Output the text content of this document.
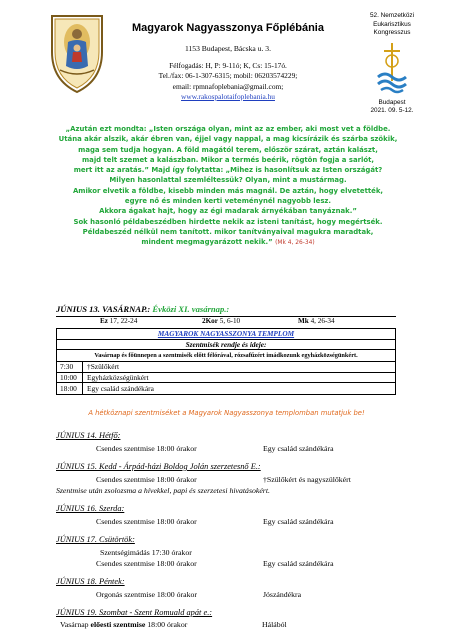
Magyarok Nagyasszonya Főplébánia
1153 Budapest, Bácska u. 3.
Félfogadás: H, P: 9-11ó; K, Cs: 15-17ó.
Tel./fax: 06-1-307-6315; mobil: 06203574229;
email: rpmnafoplebania@gmail.com;
www.rakospalotaifoplebania.hu
52. Nemzetközi
Eukarisztikus
Kongresszus
Budapest
2021. 09. 5-12.
„Azután ezt mondta: „Isten országa olyan, mint az az ember, aki most vet a földbe.
Utána akár alszik, akár ébren van, éjjel vagy nappal, a mag kicsírázik és szárba szökik,
maga sem tudja hogyan. A föld magától terem, először szárat, aztán kalászt,
majd telt szemet a kalászban. Mikor a termés beérik, rögtön fogja a sarlót,
mert itt az aratás.” Majd így folytatta: „Mihez is hasonlítsuk az Isten országát?
Milyen hasonlattal szemléltessük? Olyan, mint a mustármag.
Amikor elvetik a földbe, kisebb minden más magnál. De aztán, hogy elvetették,
egyre nő és minden kerti veteménynél nagyobb lesz.
Akkora ágakat hajt, hogy az égi madarak árnyékában tanyáznak.”
Sok hasonló példabeszédben hirdette nekik az isteni tanítást, hogy megértsék.
Példabeszéd nélkül nem tanított. mikor tanítványaival magukra maradtak,
mindent megmagyarázott nekik.” (Mk 4, 26-34)
JÚNIUS 13. VASÁRNAP.: Évközi XI. vasárnap.:
Ez 17, 22-24	2Kor 5, 6-10	Mk 4, 26-34
MAGYAROK NAGYASSZONYA TEMPLOM
Szentmisék rendje és ideje:
Vasárnap és főünnepen a szentmisék előtt félórával, rózsafűzért imádkozunk egyházközségünkért.
7:30	†Szülőkért
10:00	Egyházközségünkért
18:00	Egy család szándékára
A hétköznapi szentmiséket a Magyarok Nagyasszonya templomban mutatjuk be!
JÚNIUS 14. Hétfő:
Csendes szentmise 18:00 órakor	Egy család szándékára
JÚNIUS 15. Kedd - Árpád-házi Boldog Jolán szerzetesnő E.:
Csendes szentmise 18:00 órakor	†Szülőkért és nagyszülőkért
Szentmise után zsolozsma a hívekkel, papi és szerzetesi hivatásokért.
JÚNIUS 16. Szerda:
Csendes szentmise 18:00 órakor	Egy család szándékára
JÚNIUS 17. Csütörtök:
Szentségimádás 17:30 órakor
Csendes szentmise 18:00 órakor	Egy család szándékára
JÚNIUS 18. Péntek:
Orgonás szentmise 18:00 órakor	Jószándékra
JÚNIUS 19. Szombat - Szent Romuald apát e.:
Vasárnap előesti szentmise 18:00 órakor	Hálából
